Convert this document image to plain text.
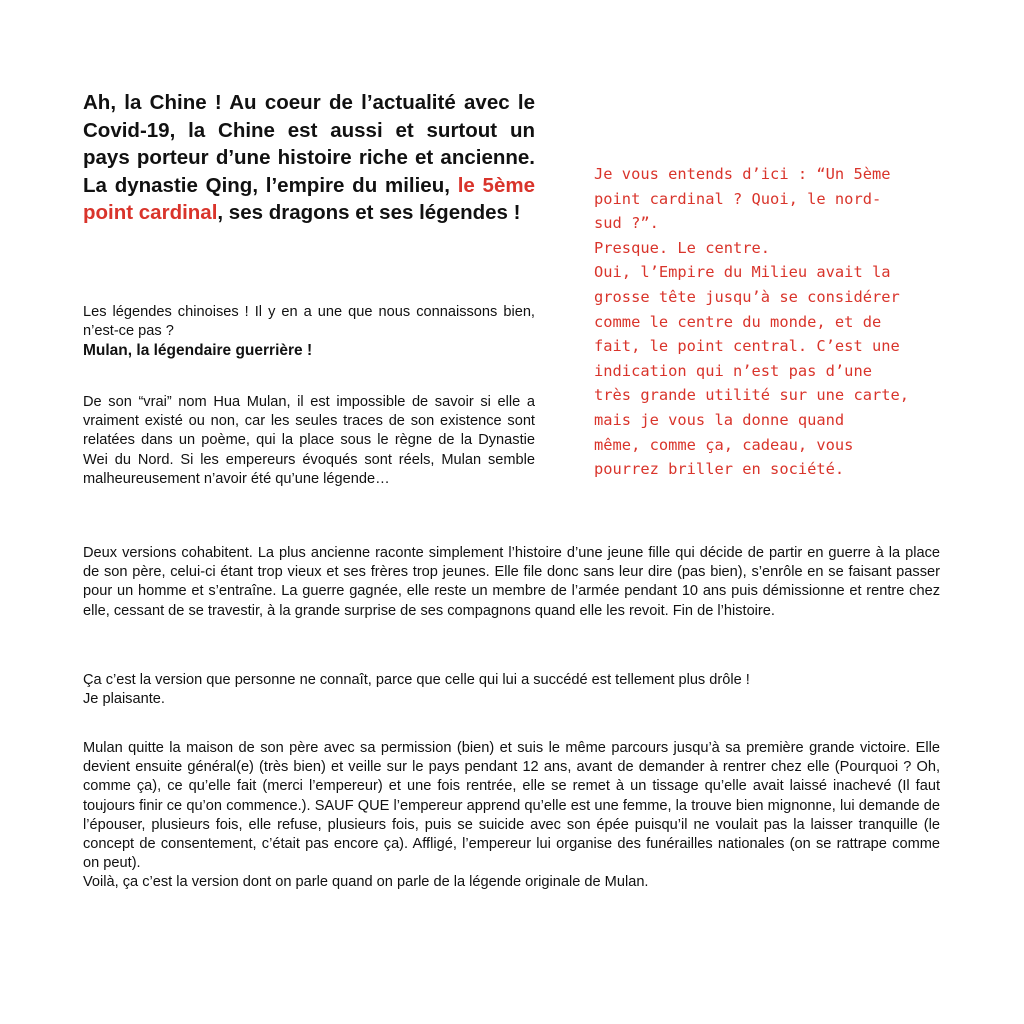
Ah, la Chine ! Au coeur de l’actualité avec le Covid-19, la Chine est aussi et surtout un pays porteur d’une histoire riche et ancienne. La dynastie Qing, l’empire du milieu, le 5ème point cardinal, ses dragons et ses légendes !

Les légendes chinoises ! Il y en a une que nous connaissons bien, n’est-ce pas ?
Mulan, la légendaire guerrière !

De son “vrai” nom Hua Mulan, il est impossible de savoir si elle a vraiment existé ou non, car les seules traces de son existence sont relatées dans un poème, qui la place sous le règne de la Dynastie Wei du Nord. Si les empereurs évoqués sont réels, Mulan semble malheureusement n’avoir été qu’une légende…

Je vous entends d’ici : “Un 5ème
point cardinal ? Quoi, le nord-
sud ?”.
Presque. Le centre.
Oui, l’Empire du Milieu avait la
grosse tête jusqu’à se considérer
comme le centre du monde, et de
fait, le point central. C’est une
indication qui n’est pas d’une
très grande utilité sur une carte,
mais je vous la donne quand
même, comme ça, cadeau, vous
pourrez briller en société.

Deux versions cohabitent. La plus ancienne raconte simplement l’histoire d’une jeune fille qui décide de partir en guerre à la place de son père, celui-ci étant trop vieux et ses frères trop jeunes. Elle file donc sans leur dire (pas bien), s’enrôle en se faisant passer pour un homme et s’entraîne. La guerre gagnée, elle reste un membre de l’armée pendant 10 ans puis démissionne et rentre chez elle, cessant de se travestir, à la grande surprise de ses compagnons quand elle les revoit. Fin de l’histoire.

Ça c’est la version que personne ne connaît, parce que celle qui lui a succédé est tellement plus drôle !
Je plaisante.

Mulan quitte la maison de son père avec sa permission (bien) et suis le même parcours jusqu’à sa première grande victoire. Elle devient ensuite général(e) (très bien) et veille sur le pays pendant 12 ans, avant de demander à rentrer chez elle (Pourquoi ? Oh, comme ça), ce qu’elle fait (merci l’empereur) et une fois rentrée, elle se remet à un tissage qu’elle avait laissé inachevé (Il faut toujours finir ce qu’on commence.). SAUF QUE l’empereur apprend qu’elle est une femme, la trouve bien mignonne, lui demande de l’épouser, plusieurs fois, elle refuse, plusieurs fois, puis se suicide avec son épée puisqu’il ne voulait pas la laisser tranquille (le concept de consentement, c’était pas encore ça). Affligé, l’empereur lui organise des funérailles nationales (on se rattrape comme on peut).
Voilà, ça c’est la version dont on parle quand on parle de la légende originale de Mulan.
